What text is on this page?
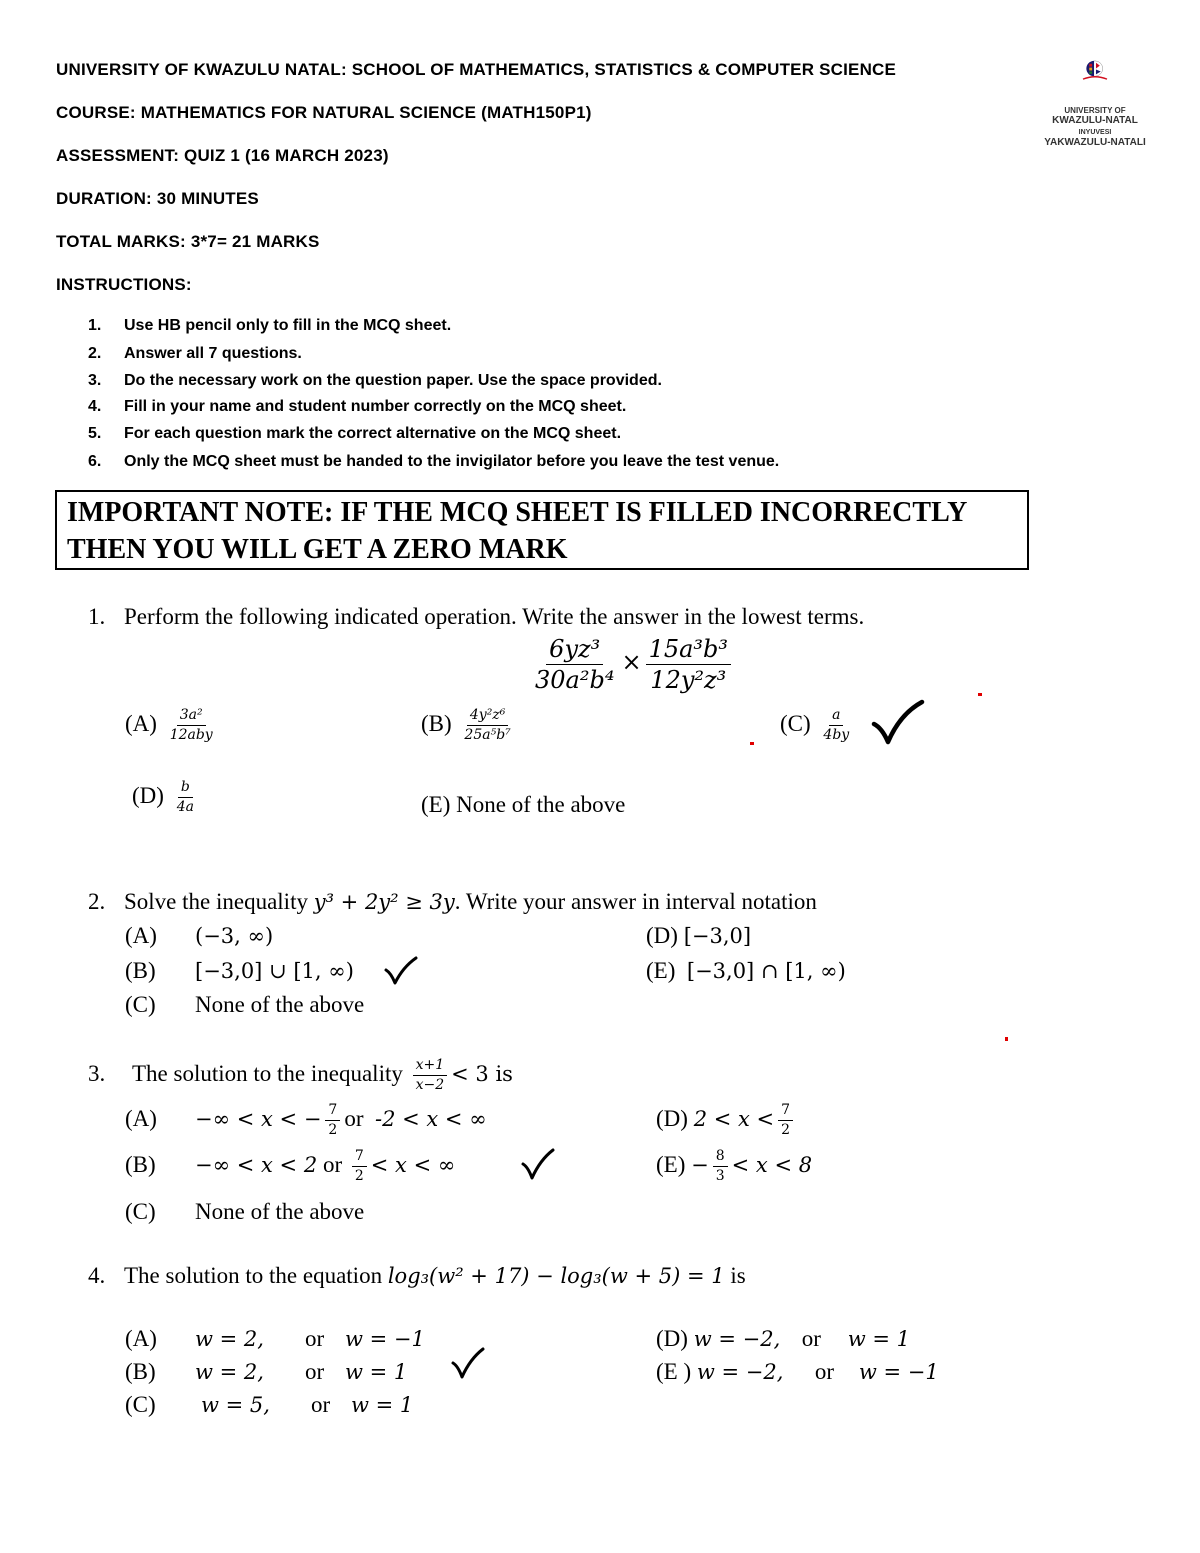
UNIVERSITY OF KWAZULU NATAL: SCHOOL OF MATHEMATICS, STATISTICS & COMPUTER SCIENCE
COURSE: MATHEMATICS FOR NATURAL SCIENCE (MATH150P1)
ASSESSMENT: QUIZ 1 (16 MARCH 2023)
DURATION: 30 MINUTES
TOTAL MARKS: 3*7= 21 MARKS
INSTRUCTIONS:
UNIVERSITY OF
KWAZULU-NATAL
INYUVESI
YAKWAZULU-NATALI
1. Use HB pencil only to fill in the MCQ sheet.
2. Answer all 7 questions.
3. Do the necessary work on the question paper. Use the space provided.
4. Fill in your name and student number correctly on the MCQ sheet.
5. For each question mark the correct alternative on the MCQ sheet.
6. Only the MCQ sheet must be handed to the invigilator before you leave the test venue.
IMPORTANT NOTE: IF THE MCQ SHEET IS FILLED INCORRECTLY
THEN YOU WILL GET A ZERO MARK
1. Perform the following indicated operation. Write the answer in the lowest terms.
$\frac{\text{6yz³}}{\text{30a²b⁴}} \times \frac{\text{15a³b³}}{\text{12y²z³}}$
$(A) \frac{\text{3a²}}{\text{12aby}}$	$(B) \frac{\text{4y²z⁶}}{\text{25a⁵b⁷}}$	$(C) \frac{a}{4by}$
$(D) \frac{b}{4a}$	(E) None of the above
2. Solve the inequality y³ + 2y² ≥ 3y. Write your answer in interval notation
(A) (−3, ∞)
(B) [−3,0] ∪ [1, ∞)
(C) None of the above
(D) [−3,0]
(E) [−3,0] ∩ [1, ∞)
3. The solution to the inequality $\frac{x+1}{x-2} < 3$ is
(A) −∞ < x < − $\frac{7}{2}$ or -2 < x < ∞
(B) −∞ < x < 2 or $\frac{7}{2} < x$ < ∞
(C) None of the above
(D) $2 < x < \frac{7}{2}$
$(E) - \frac{8}{3} < x < 8$
4. The solution to the equation log₃(w² + 17) − log₃(w + 5) = 1 is
(A) w = 2, or w = −1
(B) w = 2, or w = 1
(C) w = 5, or w = 1
(D) w = −2, or w = 1
(E ) w = −2, or w = −1
